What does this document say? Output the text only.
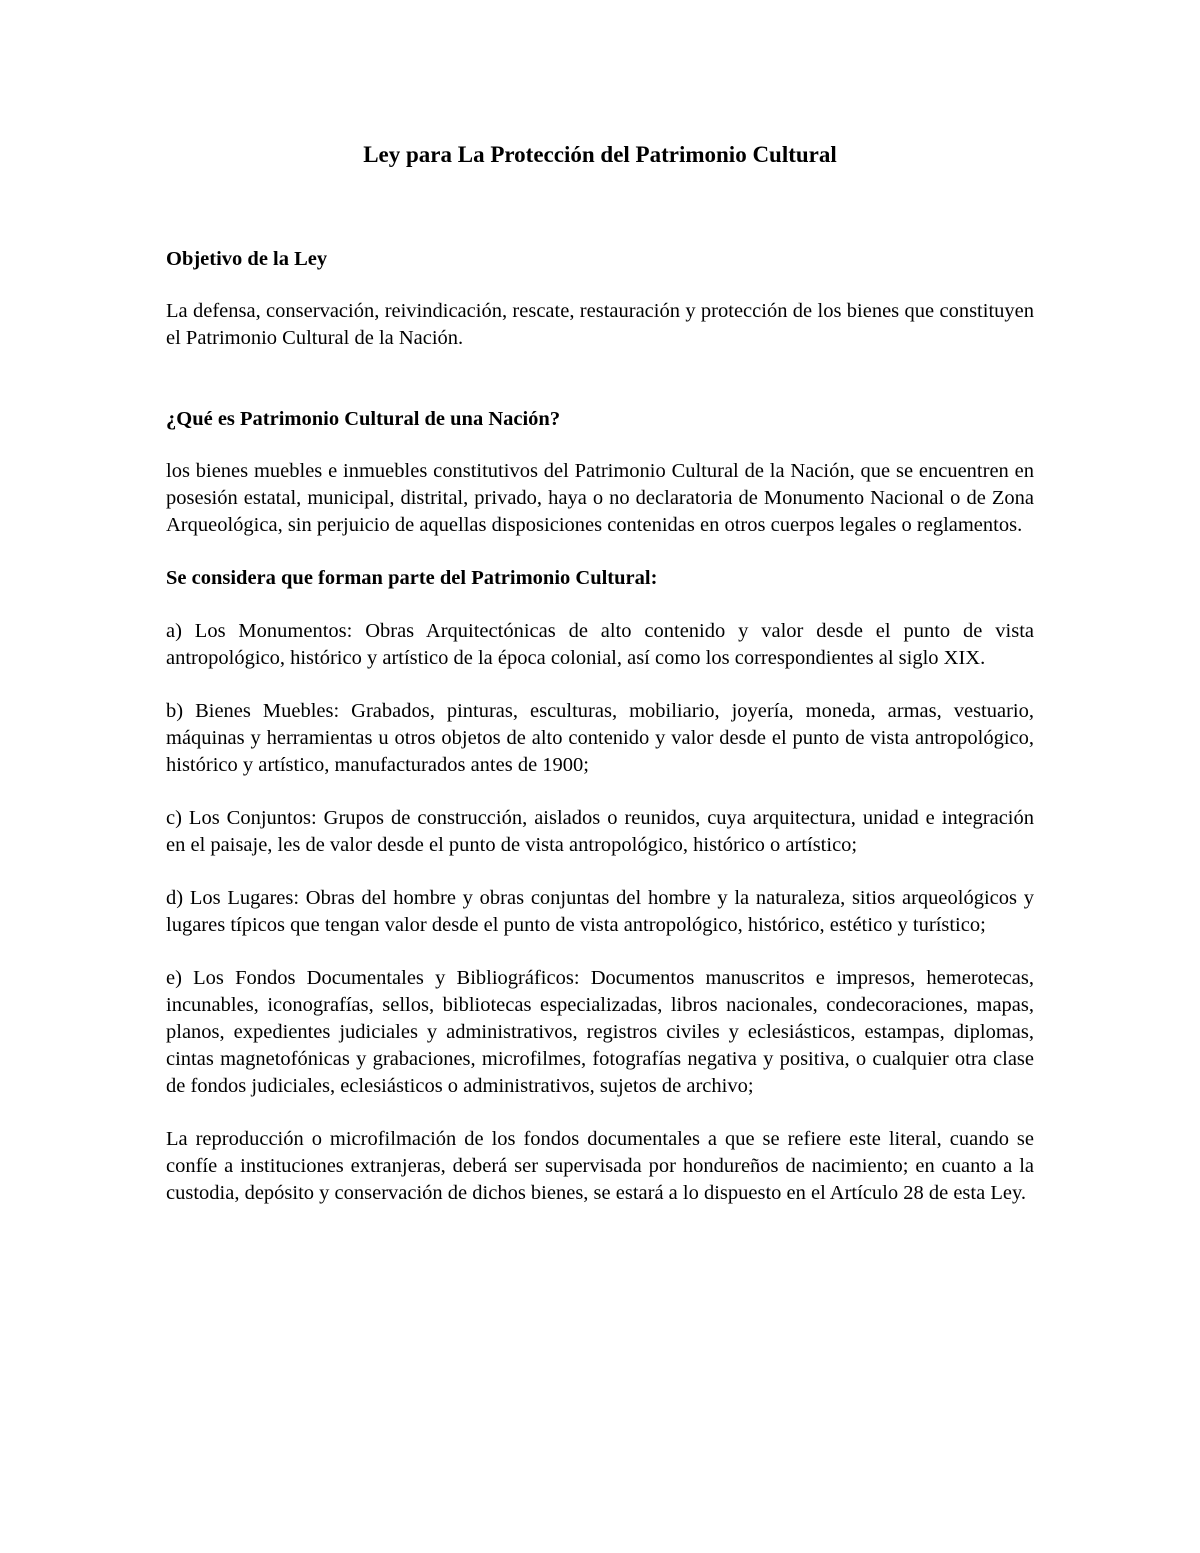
Ley para La Protección del Patrimonio Cultural
Objetivo de la Ley

La defensa, conservación, reivindicación, rescate, restauración y protección de los bienes que constituyen el Patrimonio Cultural de la Nación.

¿Qué es Patrimonio Cultural de una Nación?

los bienes muebles e inmuebles constitutivos del Patrimonio Cultural de la Nación, que se encuentren en posesión estatal, municipal, distrital, privado, haya o no declaratoria de Monumento Nacional o de Zona Arqueológica, sin perjuicio de aquellas disposiciones contenidas en otros cuerpos legales o reglamentos.

Se considera que forman parte del Patrimonio Cultural:

a) Los Monumentos: Obras Arquitectónicas de alto contenido y valor desde el punto de vista antropológico, histórico y artístico de la época colonial, así como los correspondientes al siglo XIX.

b) Bienes Muebles: Grabados, pinturas, esculturas, mobiliario, joyería, moneda, armas, vestuario, máquinas y herramientas u otros objetos de alto contenido y valor desde el punto de vista antropológico, histórico y artístico, manufacturados antes de 1900;

c) Los Conjuntos: Grupos de construcción, aislados o reunidos, cuya arquitectura, unidad e integración en el paisaje, les de valor desde el punto de vista antropológico, histórico o artístico;

d) Los Lugares: Obras del hombre y obras conjuntas del hombre y la naturaleza, sitios arqueológicos y lugares típicos que tengan valor desde el punto de vista antropológico, histórico, estético y turístico;

e) Los Fondos Documentales y Bibliográficos: Documentos manuscritos e impresos, hemerotecas, incunables, iconografías, sellos, bibliotecas especializadas, libros nacionales, condecoraciones, mapas, planos, expedientes judiciales y administrativos, registros civiles y eclesiásticos, estampas, diplomas, cintas magnetofónicas y grabaciones, microfilmes, fotografías negativa y positiva, o cualquier otra clase de fondos judiciales, eclesiásticos o administrativos, sujetos de archivo;

La reproducción o microfilmación de los fondos documentales a que se refiere este literal, cuando se confíe a instituciones extranjeras, deberá ser supervisada por hondureños de nacimiento; en cuanto a la custodia, depósito y conservación de dichos bienes, se estará a lo dispuesto en el Artículo 28 de esta Ley.
